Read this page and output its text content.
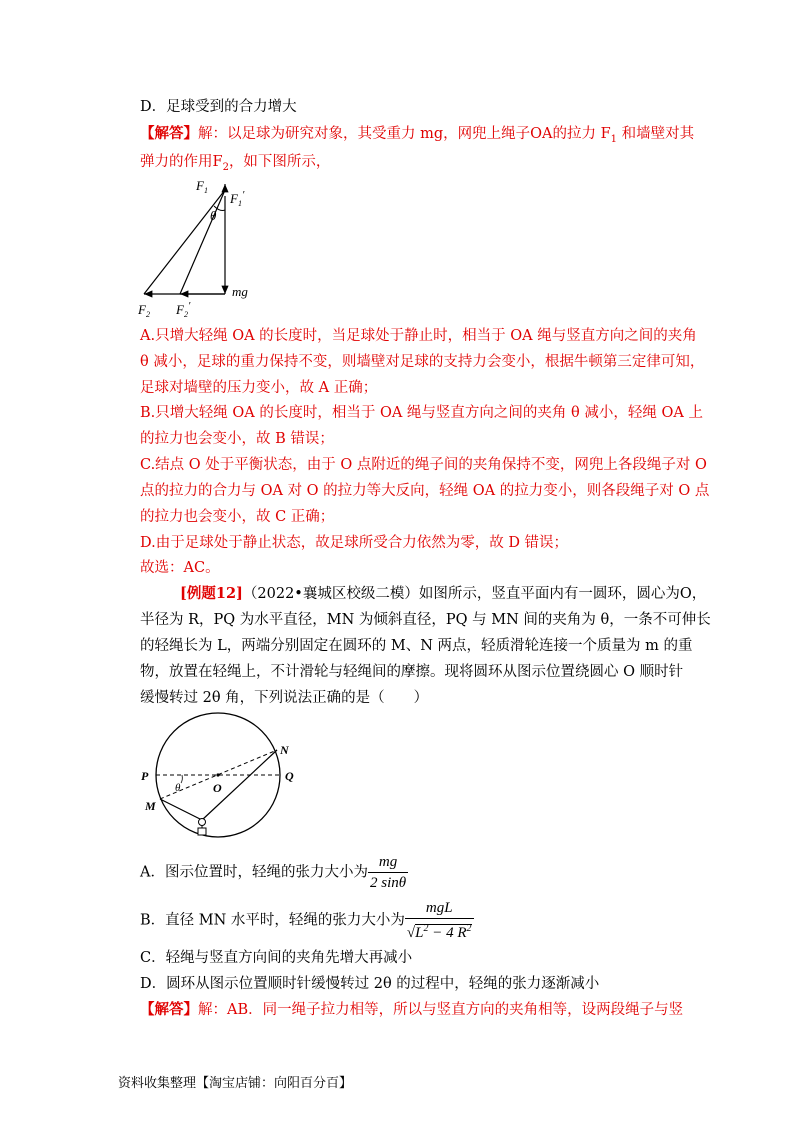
D．足球受到的合力增大
【解答】解：以足球为研究对象，其受重力 mg，网兜上绳子OA的拉力 $F_1$ 和墙壁对其
弹力的作用$F_2$，如下图所示，
$F_1$
$F_1'$
θ
mg
$F_2$ $F_2'$
A.只增大轻绳 OA 的长度时，当足球处于静止时，相当于 OA 绳与竖直方向之间的夹角
θ 减小，足球的重力保持不变，则墙壁对足球的支持力会变小，根据牛顿第三定律可知，
足球对墙壁的压力变小，故 A 正确；
B.只增大轻绳 OA 的长度时，相当于 OA 绳与竖直方向之间的夹角 θ 减小，轻绳 OA 上
的拉力也会变小，故 B 错误；
C.结点 O 处于平衡状态，由于 O 点附近的绳子间的夹角保持不变，网兜上各段绳子对 O
点的拉力的合力与 OA 对 O 的拉力等大反向，轻绳 OA 的拉力变小，则各段绳子对 O 点
的拉力也会变小，故 C 正确；
D.由于足球处于静止状态，故足球所受合力依然为零，故 D 错误；
故选：AC。
[例题12]（2022•襄城区校级二模）如图所示，竖直平面内有一圆环，圆心为O，
半径为 R，PQ 为水平直径，MN 为倾斜直径，PQ 与 MN 间的夹角为 θ，一条不可伸长
的轻绳长为 L，两端分别固定在圆环的 M、N 两点，轻质滑轮连接一个质量为 m 的重
物，放置在轻绳上，不计滑轮与轻绳间的摩擦。现将圆环从图示位置绕圆心 O 顺时针
缓慢转过 2θ 角，下列说法正确的是（　　）
N
P	Q
O
M
θ
A．图示位置时，轻绳的张力大小为 $\frac{mg}{2 \sin\theta}$
B．直径 MN 水平时，轻绳的张力大小为 $\frac{\text{mgL}}{√L^2 - 4 R^2}$
C．轻绳与竖直方向间的夹角先增大再减小
D．圆环从图示位置顺时针缓慢转过 2θ 的过程中，轻绳的张力逐渐减小
【解答】解：AB．同一绳子拉力相等，所以与竖直方向的夹角相等，设两段绳子与竖
资料收集整理【淘宝店铺：向阳百分百】
